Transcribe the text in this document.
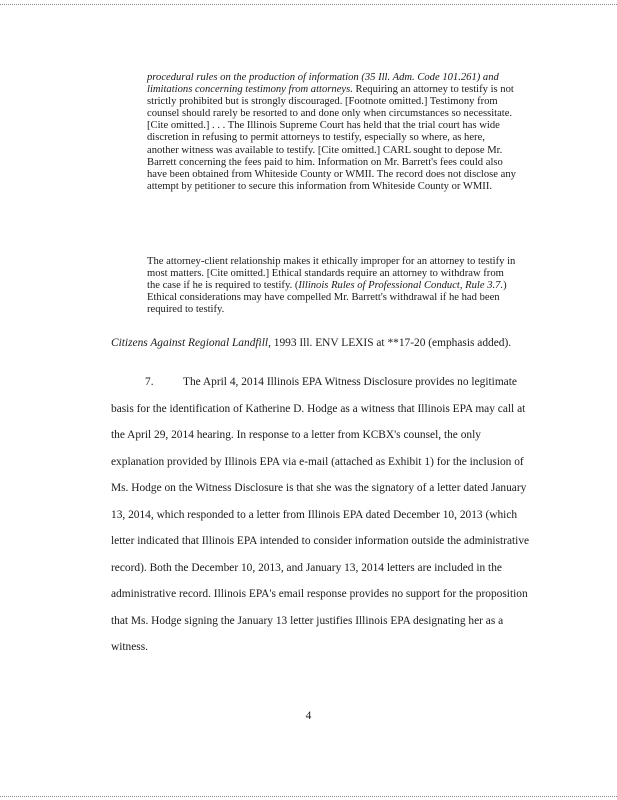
procedural rules on the production of information (35 Ill. Adm. Code 101.261) and limitations concerning testimony from attorneys. Requiring an attorney to testify is not strictly prohibited but is strongly discouraged. [Footnote omitted.] Testimony from counsel should rarely be resorted to and done only when circumstances so necessitate. [Cite omitted.] . . . The Illinois Supreme Court has held that the trial court has wide discretion in refusing to permit attorneys to testify, especially so where, as here, another witness was available to testify. [Cite omitted.] CARL sought to depose Mr. Barrett concerning the fees paid to him. Information on Mr. Barrett's fees could also have been obtained from Whiteside County or WMII. The record does not disclose any attempt by petitioner to secure this information from Whiteside County or WMII.

The attorney-client relationship makes it ethically improper for an attorney to testify in most matters. [Cite omitted.] Ethical standards require an attorney to withdraw from the case if he is required to testify. (Illinois Rules of Professional Conduct, Rule 3.7.) Ethical considerations may have compelled Mr. Barrett's withdrawal if he had been required to testify.

Citizens Against Regional Landfill, 1993 Ill. ENV LEXIS at **17-20 (emphasis added).

7.	The April 4, 2014 Illinois EPA Witness Disclosure provides no legitimate basis for the identification of Katherine D. Hodge as a witness that Illinois EPA may call at the April 29, 2014 hearing. In response to a letter from KCBX's counsel, the only explanation provided by Illinois EPA via e-mail (attached as Exhibit 1) for the inclusion of Ms. Hodge on the Witness Disclosure is that she was the signatory of a letter dated January 13, 2014, which responded to a letter from Illinois EPA dated December 10, 2013 (which letter indicated that Illinois EPA intended to consider information outside the administrative record). Both the December 10, 2013, and January 13, 2014 letters are included in the administrative record. Illinois EPA's email response provides no support for the proposition that Ms. Hodge signing the January 13 letter justifies Illinois EPA designating her as a witness.

4
